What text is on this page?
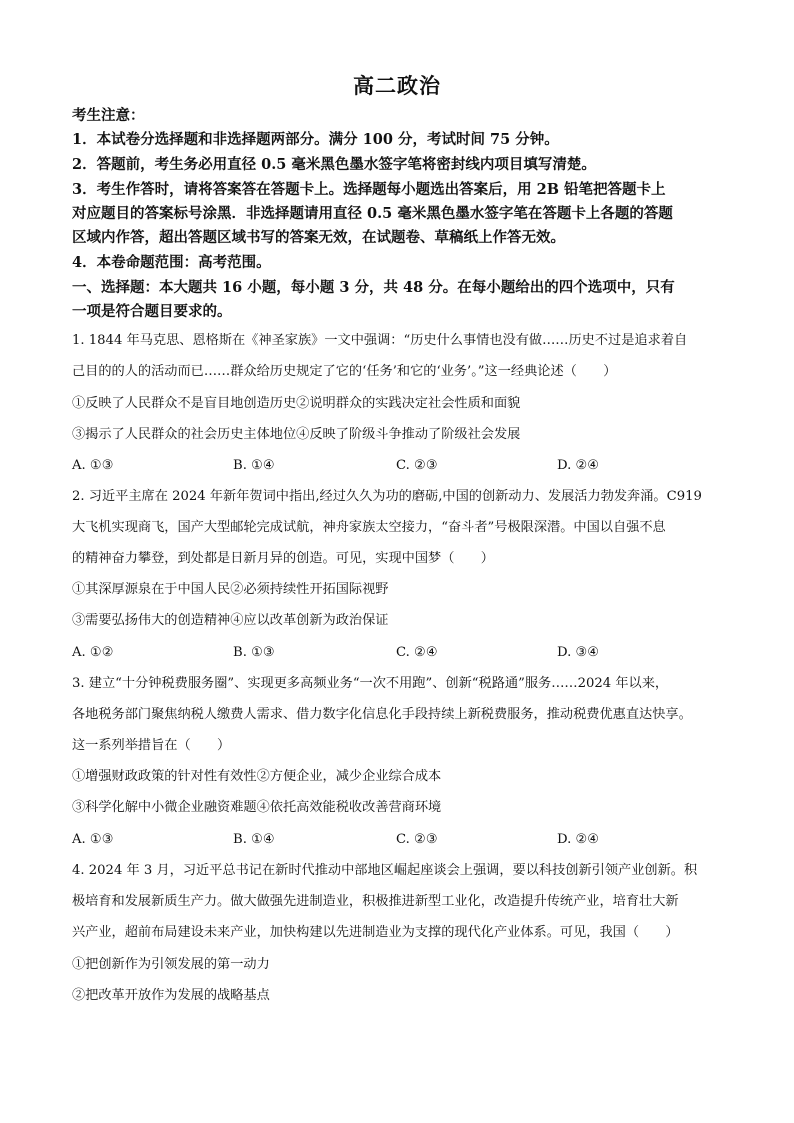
高二政治
考生注意：
1．本试卷分选择题和非选择题两部分。满分 100 分，考试时间 75 分钟。
2．答题前，考生务必用直径 0.5 毫米黑色墨水签字笔将密封线内项目填写清楚。
3．考生作答时，请将答案答在答题卡上。选择题每小题选出答案后，用 2B 铅笔把答题卡上
对应题目的答案标号涂黑．非选择题请用直径 0.5 毫米黑色墨水签字笔在答题卡上各题的答题
区域内作答，超出答题区域书写的答案无效，在试题卷、草稿纸上作答无效。
4．本卷命题范围：高考范围。
一、选择题：本大题共 16 小题，每小题 3 分，共 48 分。在每小题给出的四个选项中，只有
一项是符合题目要求的。
1. 1844 年马克思、恩格斯在《神圣家族》一文中强调：“历史什么事情也没有做……历史不过是追求着自
己目的的人的活动而已……群众给历史规定了它的‘任务’和它的‘业务’。”这一经典论述（　　）
①反映了人民群众不是盲目地创造历史②说明群众的实践决定社会性质和面貌
③揭示了人民群众的社会历史主体地位④反映了阶级斗争推动了阶级社会发展
A. ①③	B. ①④	C. ②③	D. ②④
2. 习近平主席在 2024 年新年贺词中指出,经过久久为功的磨砺,中国的创新动力、发展活力勃发奔涌。C919
大飞机实现商飞，国产大型邮轮完成试航，神舟家族太空接力，“奋斗者”号极限深潜。中国以自强不息
的精神奋力攀登，到处都是日新月异的创造。可见，实现中国梦（　　）
①其深厚源泉在于中国人民②必须持续性开拓国际视野
③需要弘扬伟大的创造精神④应以改革创新为政治保证
A. ①②	B. ①③	C. ②④	D. ③④
3. 建立“十分钟税费服务圈”、实现更多高频业务“一次不用跑”、创新“税路通”服务……2024 年以来，
各地税务部门聚焦纳税人缴费人需求、借力数字化信息化手段持续上新税费服务，推动税费优惠直达快享。
这一系列举措旨在（　　）
①增强财政政策的针对性有效性②方便企业，减少企业综合成本
③科学化解中小微企业融资难题④依托高效能税收改善营商环境
A. ①③	B. ①④	C. ②③	D. ②④
4. 2024 年 3 月，习近平总书记在新时代推动中部地区崛起座谈会上强调，要以科技创新引领产业创新。积
极培育和发展新质生产力。做大做强先进制造业，积极推进新型工业化，改造提升传统产业，培育壮大新
兴产业，超前布局建设未来产业，加快构建以先进制造业为支撑的现代化产业体系。可见，我国（　　）
①把创新作为引领发展的第一动力
②把改革开放作为发展的战略基点
